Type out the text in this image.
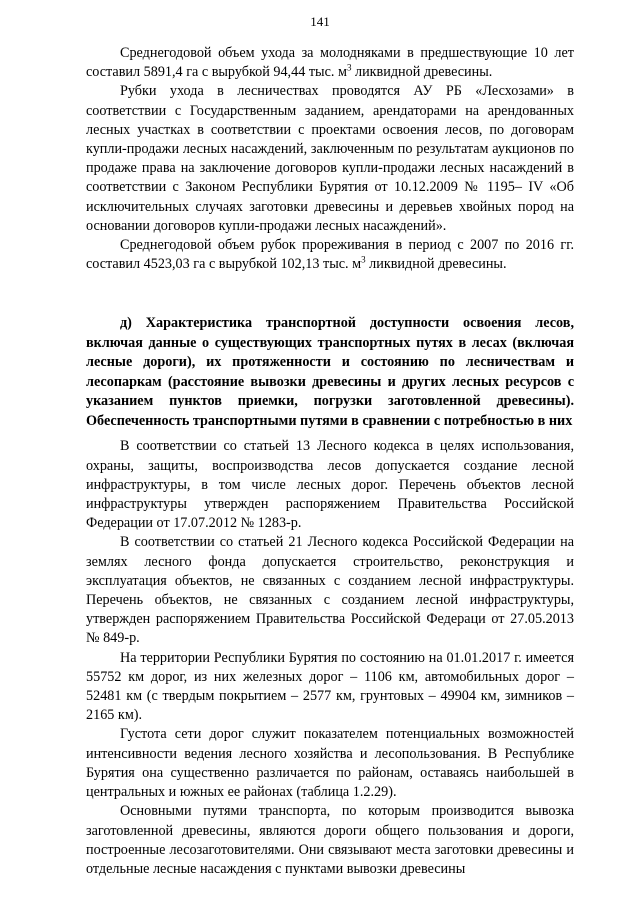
141

Среднегодовой объем ухода за молодняками в предшествующие 10 лет составил 5891,4 га с вырубкой 94,44 тыс. $м^3$ ликвидной древесины.

Рубки ухода в лесничествах проводятся АУ РБ «Лесхозами» в соответствии с Государственным заданием, арендаторами на арендованных лесных участках в соответствии с проектами освоения лесов, по договорам купли-продажи лесных насаждений, заключенным по результатам аукционов по продаже права на заключение договоров купли-продажи лесных насаждений в соответствии с Законом Республики Бурятия от 10.12.2009 № 1195– IV «Об исключительных случаях заготовки древесины и деревьев хвойных пород на основании договоров купли-продажи лесных насаждений».

Среднегодовой объем рубок прореживания в период с 2007 по 2016 гг. составил 4523,03 га с вырубкой 102,13 тыс. $м^3$ ликвидной древесины.

д) Характеристика транспортной доступности освоения лесов, включая данные о существующих транспортных путях в лесах (включая лесные дороги), их протяженности и состоянию по лесничествам и лесопаркам (расстояние вывозки древесины и других лесных ресурсов с указанием пунктов приемки, погрузки заготовленной древесины). Обеспеченность транспортными путями в сравнении с потребностью в них

В соответствии со статьей 13 Лесного кодекса в целях использования, охраны, защиты, воспроизводства лесов допускается создание лесной инфраструктуры, в том числе лесных дорог. Перечень объектов лесной инфраструктуры утвержден распоряжением Правительства Российской Федерации от 17.07.2012 № 1283-р.

В соответствии со статьей 21 Лесного кодекса Российской Федерации на землях лесного фонда допускается строительство, реконструкция и эксплуатация объектов, не связанных с созданием лесной инфраструктуры. Перечень объектов, не связанных с созданием лесной инфраструктуры, утвержден распоряжением Правительства Российской Федераци от 27.05.2013 № 849-р.

На территории Республики Бурятия по состоянию на 01.01.2017 г. имеется 55752 км дорог, из них железных дорог – 1106 км, автомобильных дорог – 52481 км (с твердым покрытием – 2577 км, грунтовых – 49904 км, зимников – 2165 км).

Густота сети дорог служит показателем потенциальных возможностей интенсивности ведения лесного хозяйства и лесопользования. В Республике Бурятия она существенно различается по районам, оставаясь наибольшей в центральных и южных ее районах (таблица 1.2.29).

Основными путями транспорта, по которым производится вывозка заготовленной древесины, являются дороги общего пользования и дороги, построенные лесозаготовителями. Они связывают места заготовки древесины и отдельные лесные насаждения с пунктами вывозки древесины
